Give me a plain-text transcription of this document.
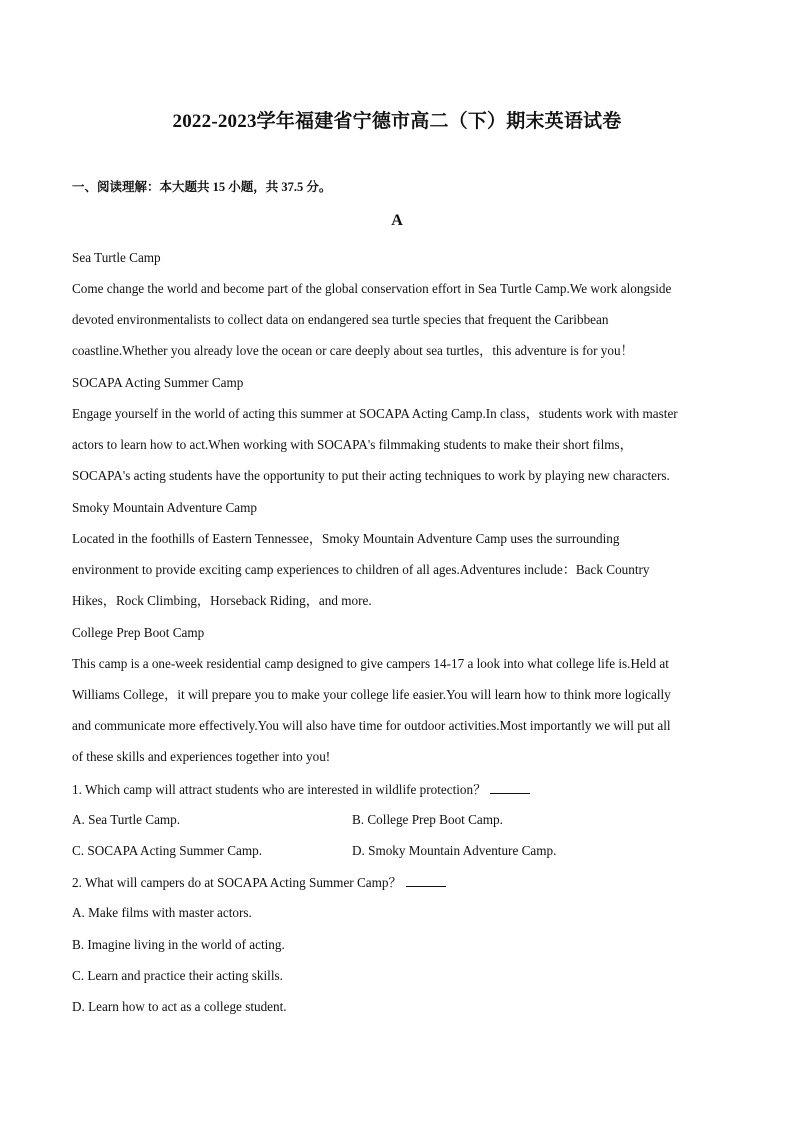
2022-2023学年福建省宁德市高二（下）期末英语试卷
一、阅读理解：本大题共 15 小题，共 37.5 分。
A
Sea Turtle Camp
Come change the world and become part of the global conservation effort in Sea Turtle Camp.We work alongside
devoted environmentalists to collect data on endangered sea turtle species that frequent the Caribbean
coastline.Whether you already love the ocean or care deeply about sea turtles，this adventure is for you！
SOCAPA Acting Summer Camp
Engage yourself in the world of acting this summer at SOCAPA Acting Camp.In class，students work with master
actors to learn how to act.When working with SOCAPA's filmmaking students to make their short films，
SOCAPA's acting students have the opportunity to put their acting techniques to work by playing new characters.
Smoky Mountain Adventure Camp
Located in the foothills of Eastern Tennessee，Smoky Mountain Adventure Camp uses the surrounding
environment to provide exciting camp experiences to children of all ages.Adventures include：Back Country
Hikes，Rock Climbing，Horseback Riding，and more.
College Prep Boot Camp
This camp is a one-week residential camp designed to give campers 14-17 a look into what college life is.Held at
Williams College，it will prepare you to make your college life easier.You will learn how to think more logically
and communicate more effectively.You will also have time for outdoor activities.Most importantly we will put all
of these skills and experiences together into you!
1. Which camp will attract students who are interested in wildlife protection？
A. Sea Turtle Camp.	B. College Prep Boot Camp.
C. SOCAPA Acting Summer Camp.	D. Smoky Mountain Adventure Camp.
2. What will campers do at SOCAPA Acting Summer Camp？
A. Make films with master actors.
B. Imagine living in the world of acting.
C. Learn and practice their acting skills.
D. Learn how to act as a college student.
